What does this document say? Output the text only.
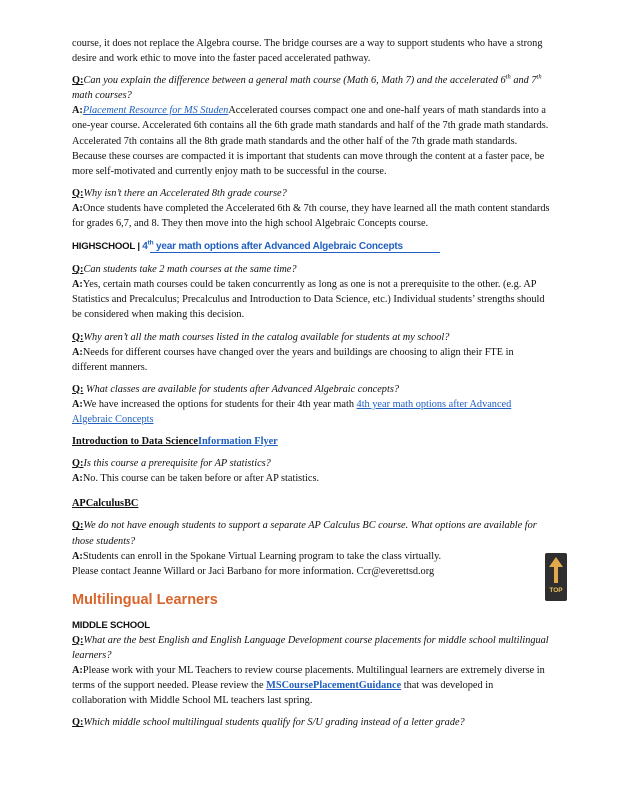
course, it does not replace the Algebra course. The bridge courses are a way to support students who have a strong desire and work ethic to move into the faster paced accelerated pathway.

Q:Can you explain the difference between a general math course (Math 6, Math 7) and the accelerated 6th and 7th math courses?

A:Placement Resource for MS StudenAccelerated courses compact one and one-half years of math standards into a one-year course. Accelerated 6th contains all the 6th grade math standards and half of the 7th grade math standards. Accelerated 7th contains all the 8th grade math standards and the other half of the 7th grade math standards. Because these courses are compacted it is important that students can move through the content at a faster pace, be more self-motivated and currently enjoy math to be successful in the course.

Q:Why isn’t there an Accelerated 8th grade course?

A:Once students have completed the Accelerated 6th & 7th course, they have learned all the math content standards for grades 6,7, and 8. They then move into the high school Algebraic Concepts course.

HIGHSCHOOL | 4th year math options after Advanced Algebraic Concepts

Q:Can students take 2 math courses at the same time?

A:Yes, certain math courses could be taken concurrently as long as one is not a prerequisite to the other. (e.g. AP Statistics and Precalculus; Precalculus and Introduction to Data Science, etc.) Individual students’ strengths should be considered when making this decision.

Q:Why aren’t all the math courses listed in the catalog available for students at my school?

A:Needs for different courses have changed over the years and buildings are choosing to align their FTE in different manners.

Q: What classes are available for students after Advanced Algebraic concepts?

A:We have increased the options for students for their 4th year math 4th year math options after Advanced Algebraic Concepts

Introduction to Data ScienceInformation Flyer

Q:Is this course a prerequisite for AP statistics?

A:No. This course can be taken before or after AP statistics.

APCalculusBC

Q:We do not have enough students to support a separate AP Calculus BC course. What options are available for those students?

A:Students can enroll in the Spokane Virtual Learning program to take the class virtually.

Please contact Jeanne Willard or Jaci Barbano for more information. Ccr@everettsd.org

Multilingual Learners

MIDDLE SCHOOL

Q:What are the best English and English Language Development course placements for middle school multilingual learners?

A:Please work with your ML Teachers to review course placements. Multilingual learners are extremely diverse in terms of the support needed. Please review the MSCoursePlacementGuidance that was developed in collaboration with Middle School ML teachers last spring.

Q:Which middle school multilingual students qualify for S/U grading instead of a letter grade?

TOP
